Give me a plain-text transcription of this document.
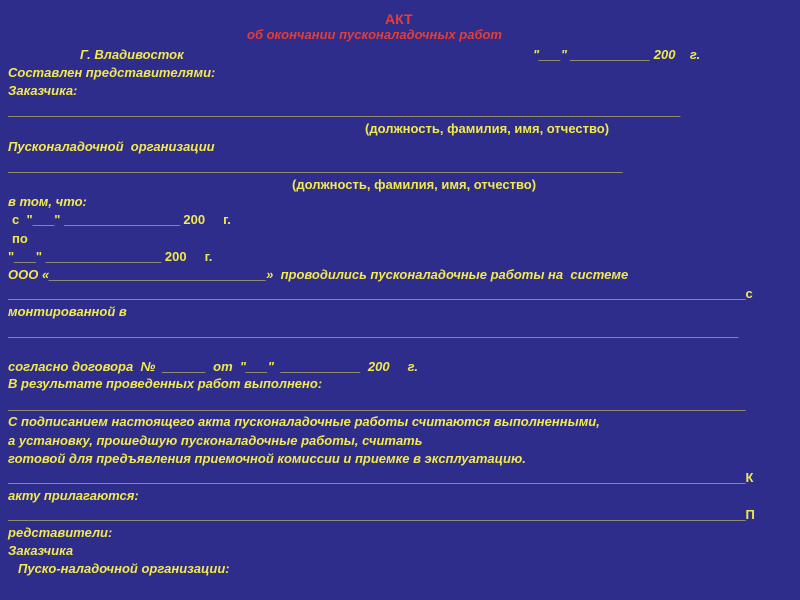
АКТ
об окончании пусконаладочных работ
Г. Владивосток	"___" ___________ 200    г.
Составлен представителями:
Заказчика:
_____________________________________________________________________________________________
(должность, фамилия, имя, отчество)
Пусконаладочной  организации
_____________________________________________________________________________________
(должность, фамилия, имя, отчество)
в том, что:
с  "___" ________________ 200     г.
по
"___" ________________ 200     г.
ООО «______________________________» проводились пусконаладочные работы на  системе
______________________________________________________________________________________________________с
монтированной в
_____________________________________________________________________________________________________
согласно договора  №  ______  от  "___"  ___________  200     г.
В результате проведенных работ выполнено:
______________________________________________________________________________________________________
С подписанием настоящего акта пусконаладочные работы считаются выполненными,
а установку, прошедшую пусконаладочные работы, считать
готовой для предъявления приемочной комиссии и приемке в эксплуатацию.
______________________________________________________________________________________________________К
акту прилагаются:
______________________________________________________________________________________________________П
редставители:
Заказчика
Пуско-наладочной организации:
